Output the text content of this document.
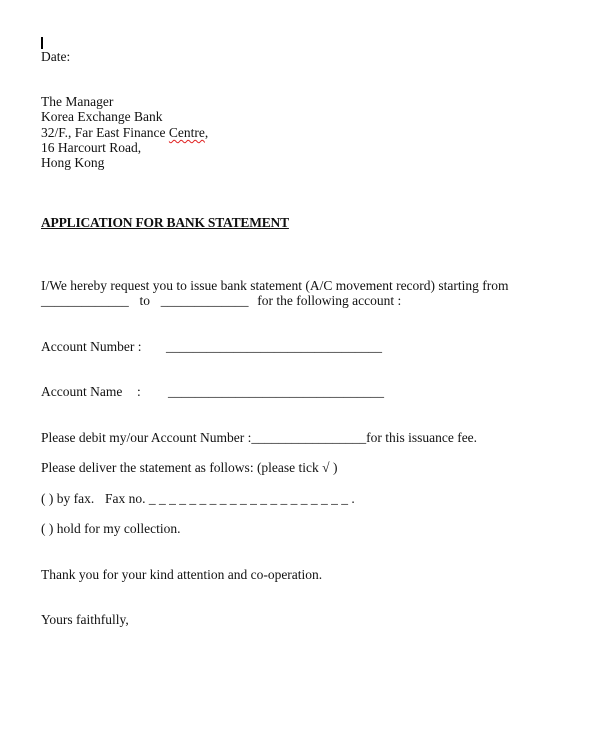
Date:
The Manager
Korea Exchange Bank
32/F., Far East Finance Centre,
16 Harcourt Road,
Hong Kong
APPLICATION FOR BANK STATEMENT
I/We hereby request you to issue bank statement (A/C movement record) starting from
_____________ to _____________ for the following account :
Account Number : ________________________________
Account Name : ________________________________
Please debit my/our Account Number :_________________for this issuance fee.
Please deliver the statement as follows: (please tick √ )
( ) by fax. Fax no. _ _ _ _ _ _ _ _ _ _ _ _ _ _ _ _ _ _ _ _ .
( ) hold for my collection.
Thank you for your kind attention and co-operation.
Yours faithfully,
